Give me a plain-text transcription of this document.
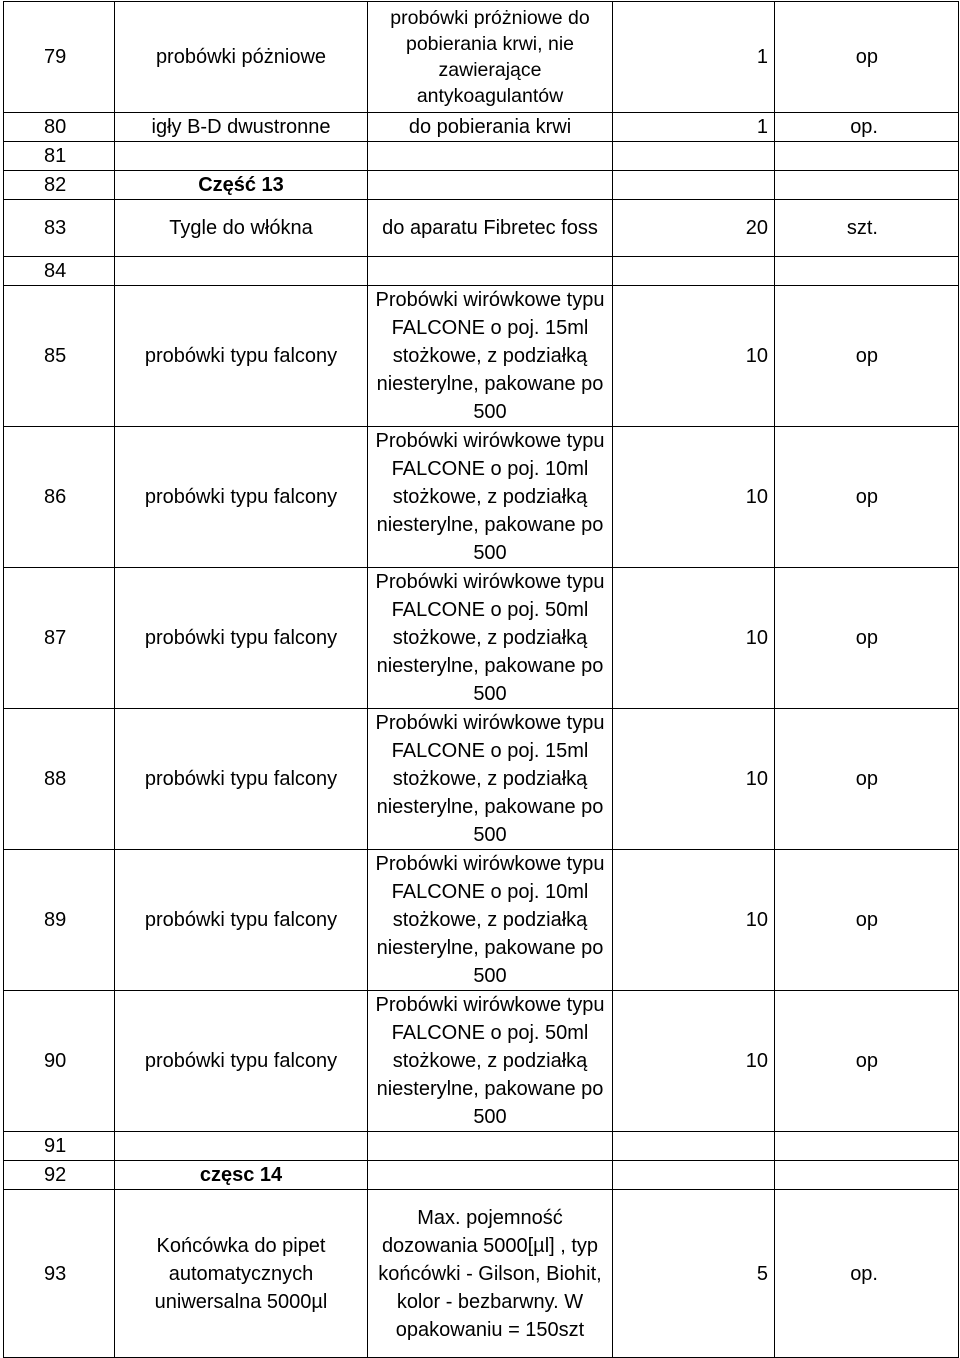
79	probówki póżniowe	probówki próżniowe do pobierania krwi, nie zawierające antykoagulantów	1	op
80	igły B-D dwustronne	do pobierania krwi	1	op.
81				
82	Część 13			
83	Tygle do włókna	do aparatu Fibretec foss	20	szt.
84				
85	probówki typu falcony	Probówki wirówkowe typu FALCONE o poj. 15ml stożkowe, z podziałką niesterylne, pakowane po 500	10	op
86	probówki typu falcony	Probówki wirówkowe typu FALCONE o poj. 10ml stożkowe, z podziałką niesterylne, pakowane po 500	10	op
87	probówki typu falcony	Probówki wirówkowe typu FALCONE o poj. 50ml stożkowe, z podziałką niesterylne, pakowane po 500	10	op
88	probówki typu falcony	Probówki wirówkowe typu FALCONE o poj. 15ml stożkowe, z podziałką niesterylne, pakowane po 500	10	op
89	probówki typu falcony	Probówki wirówkowe typu FALCONE o poj. 10ml stożkowe, z podziałką niesterylne, pakowane po 500	10	op
90	probówki typu falcony	Probówki wirówkowe typu FALCONE o poj. 50ml stożkowe, z podziałką niesterylne, pakowane po 500	10	op
91				
92	częsc 14			
93	Końcówka do pipet automatycznych uniwersalna 5000µl	Max. pojemność dozowania 5000[µl] , typ końcówki - Gilson, Biohit, kolor - bezbarwny. W opakowaniu = 150szt	5	op.
